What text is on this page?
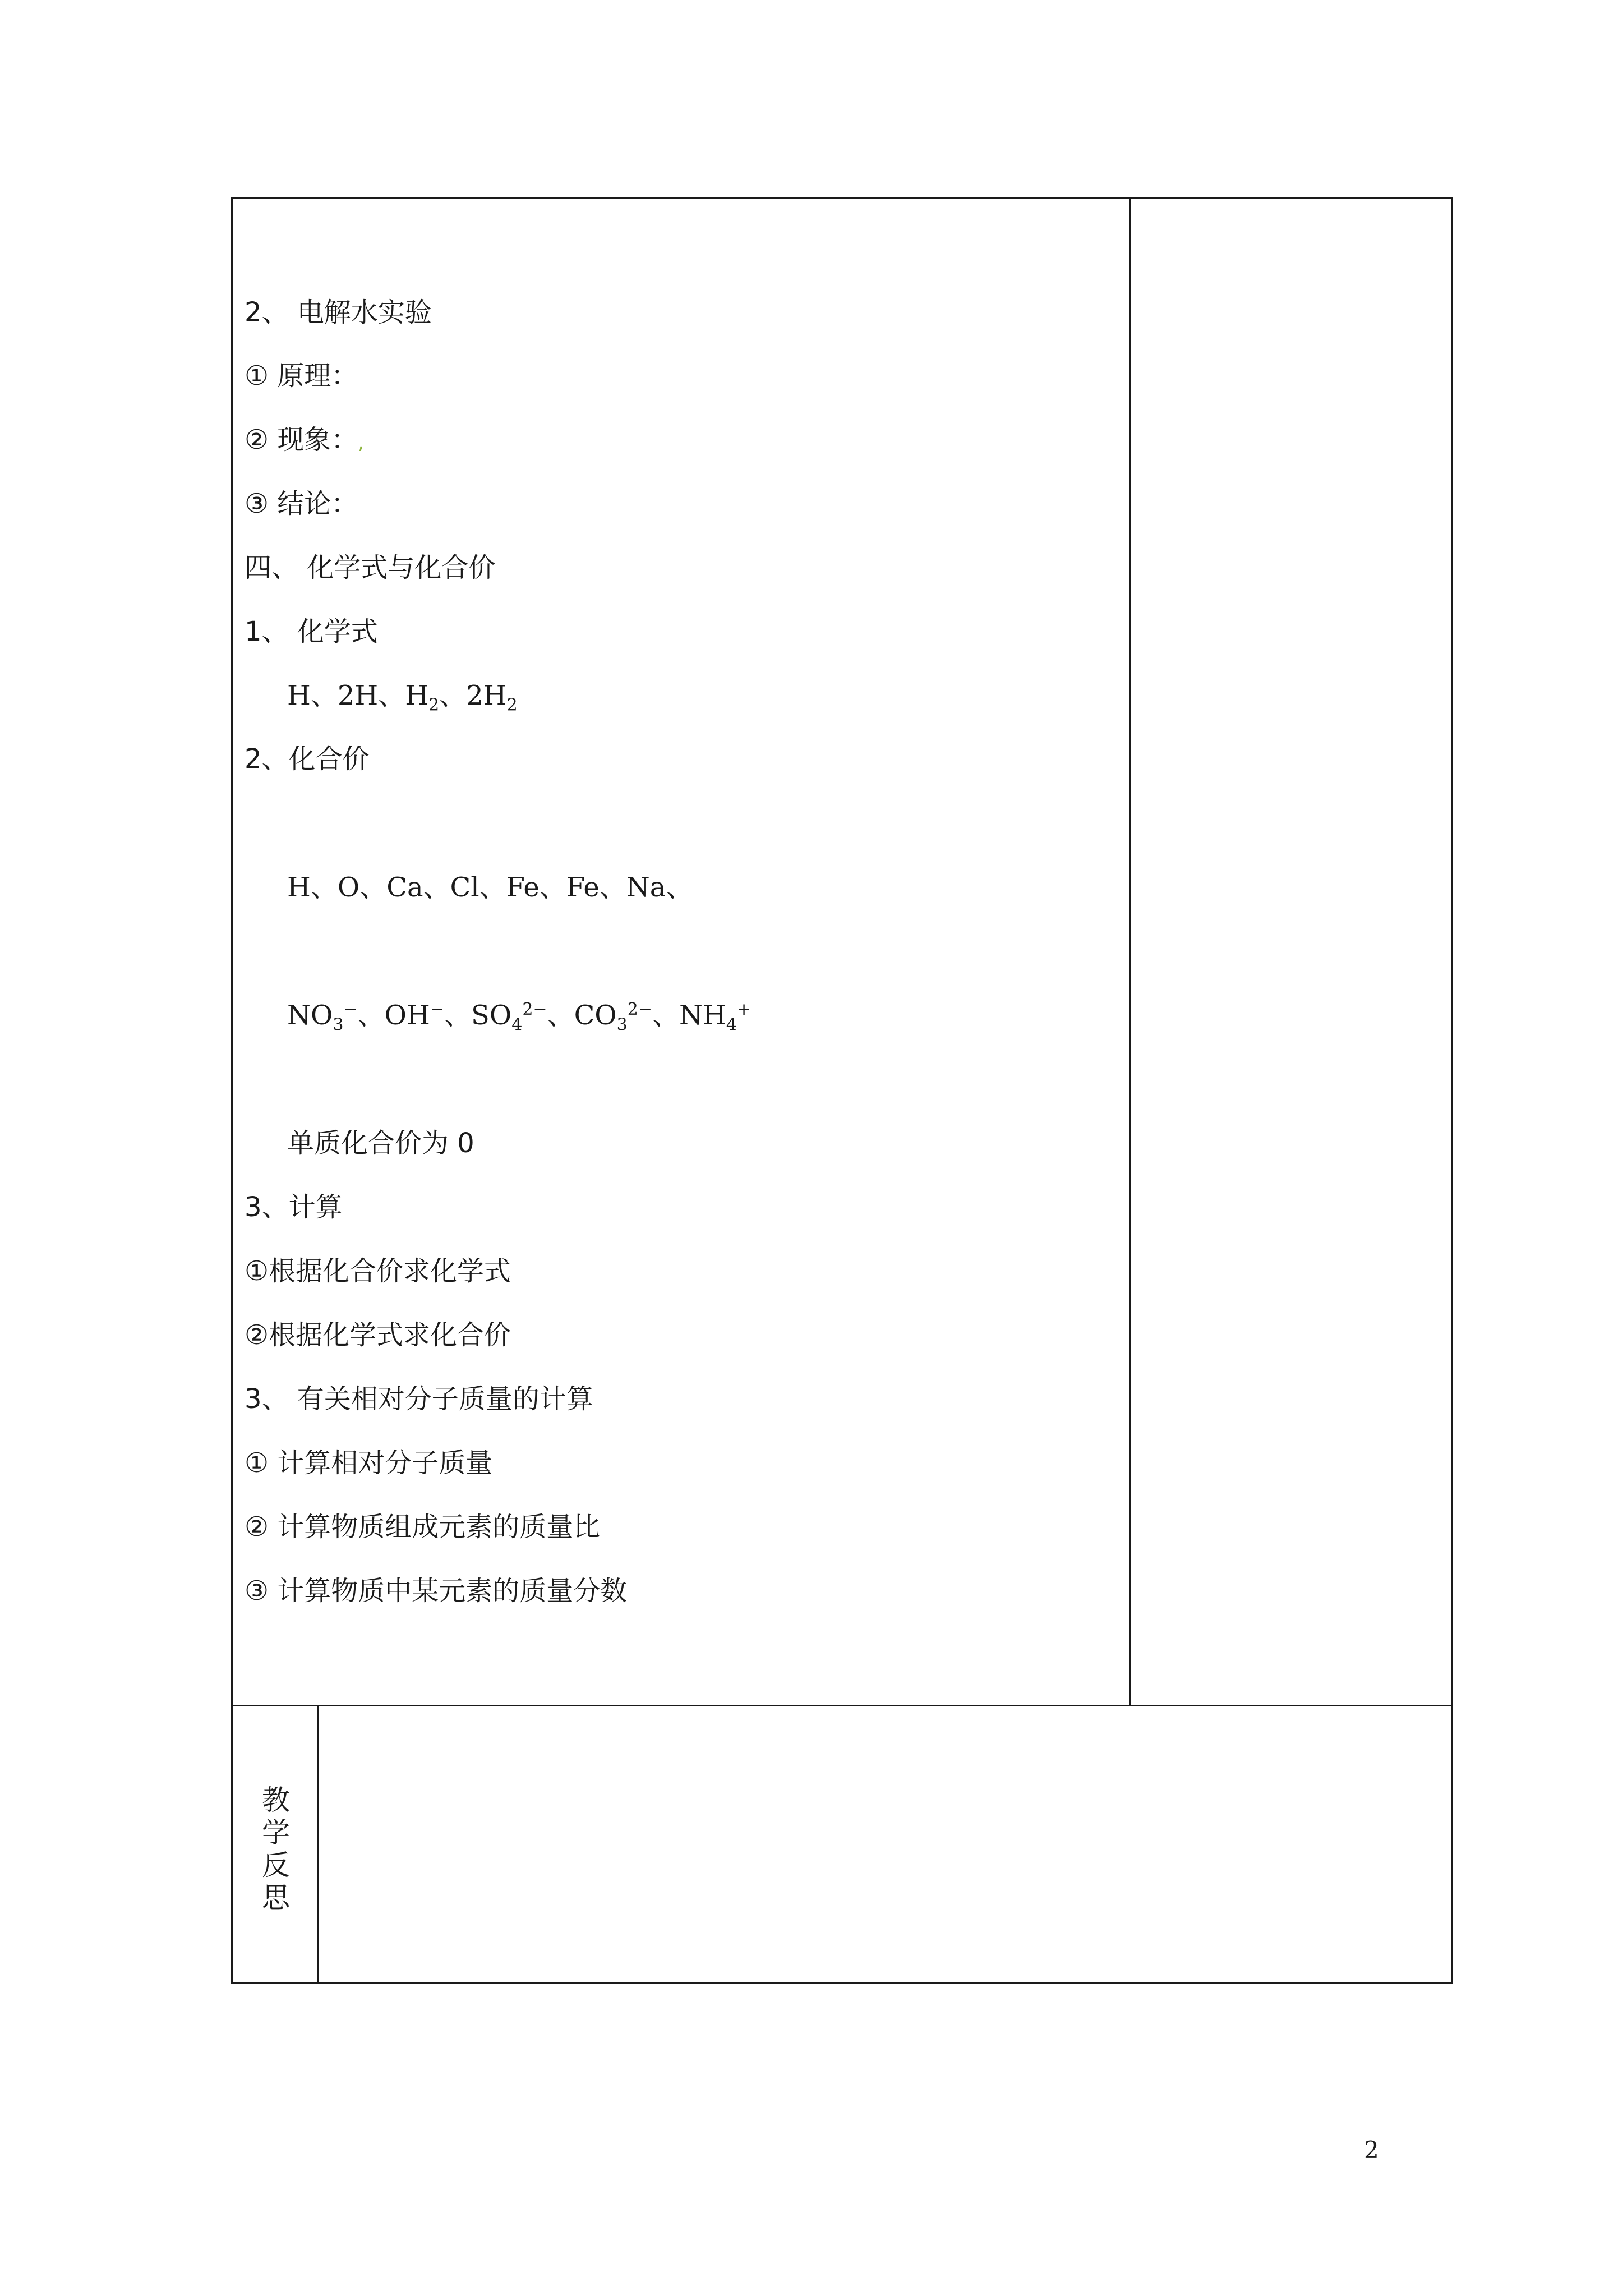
2、 电解水实验
① 原理：
② 现象：,
③ 结论：
四、 化学式与化合价
1、 化学式
H、2H、$H_2$、$2H_2$
2、化合价
H、O、Ca、Cl、Fe、Fe、Na、
$NO_3^-$、OH−、$SO_4^{2-}$、$CO_3^{2-}$、$NH_4^+$
单质化合价为 0
3、计算
①根据化合价求化学式
②根据化学式求化合价
3、 有关相对分子质量的计算
① 计算相对分子质量
② 计算物质组成元素的质量比
③ 计算物质中某元素的质量分数
教
学
反
思
2
